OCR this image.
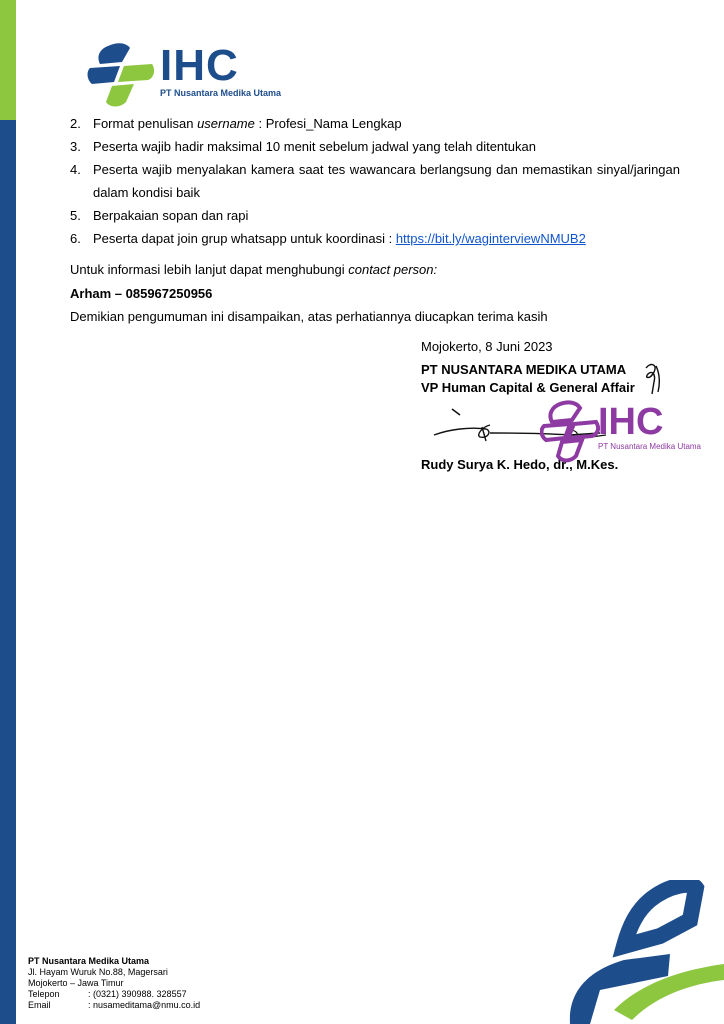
IHC
PT Nusantara Medika Utama
2. Format penulisan username : Profesi_Nama Lengkap
3. Peserta wajib hadir maksimal 10 menit sebelum jadwal yang telah ditentukan
4. Peserta wajib menyalakan kamera saat tes wawancara berlangsung dan memastikan sinyal/jaringan dalam kondisi baik
5. Berpakaian sopan dan rapi
6. Peserta dapat join grup whatsapp untuk koordinasi : https://bit.ly/waginterviewNMUB2
Untuk informasi lebih lanjut dapat menghubungi contact person:
Arham – 085967250956
Demikian pengumuman ini disampaikan, atas perhatiannya diucapkan terima kasih
Mojokerto, 8 Juni 2023
PT NUSANTARA MEDIKA UTAMA
VP Human Capital & General Affair
Rudy Surya K. Hedo, dr., M.Kes.
IHC
PT Nusantara Medika Utama
PT Nusantara Medika Utama
Jl. Hayam Wuruk No.88, Magersari
Mojokerto – Jawa Timur
Telepon	: (0321) 390988. 328557
Email	: nusameditama@nmu.co.id
